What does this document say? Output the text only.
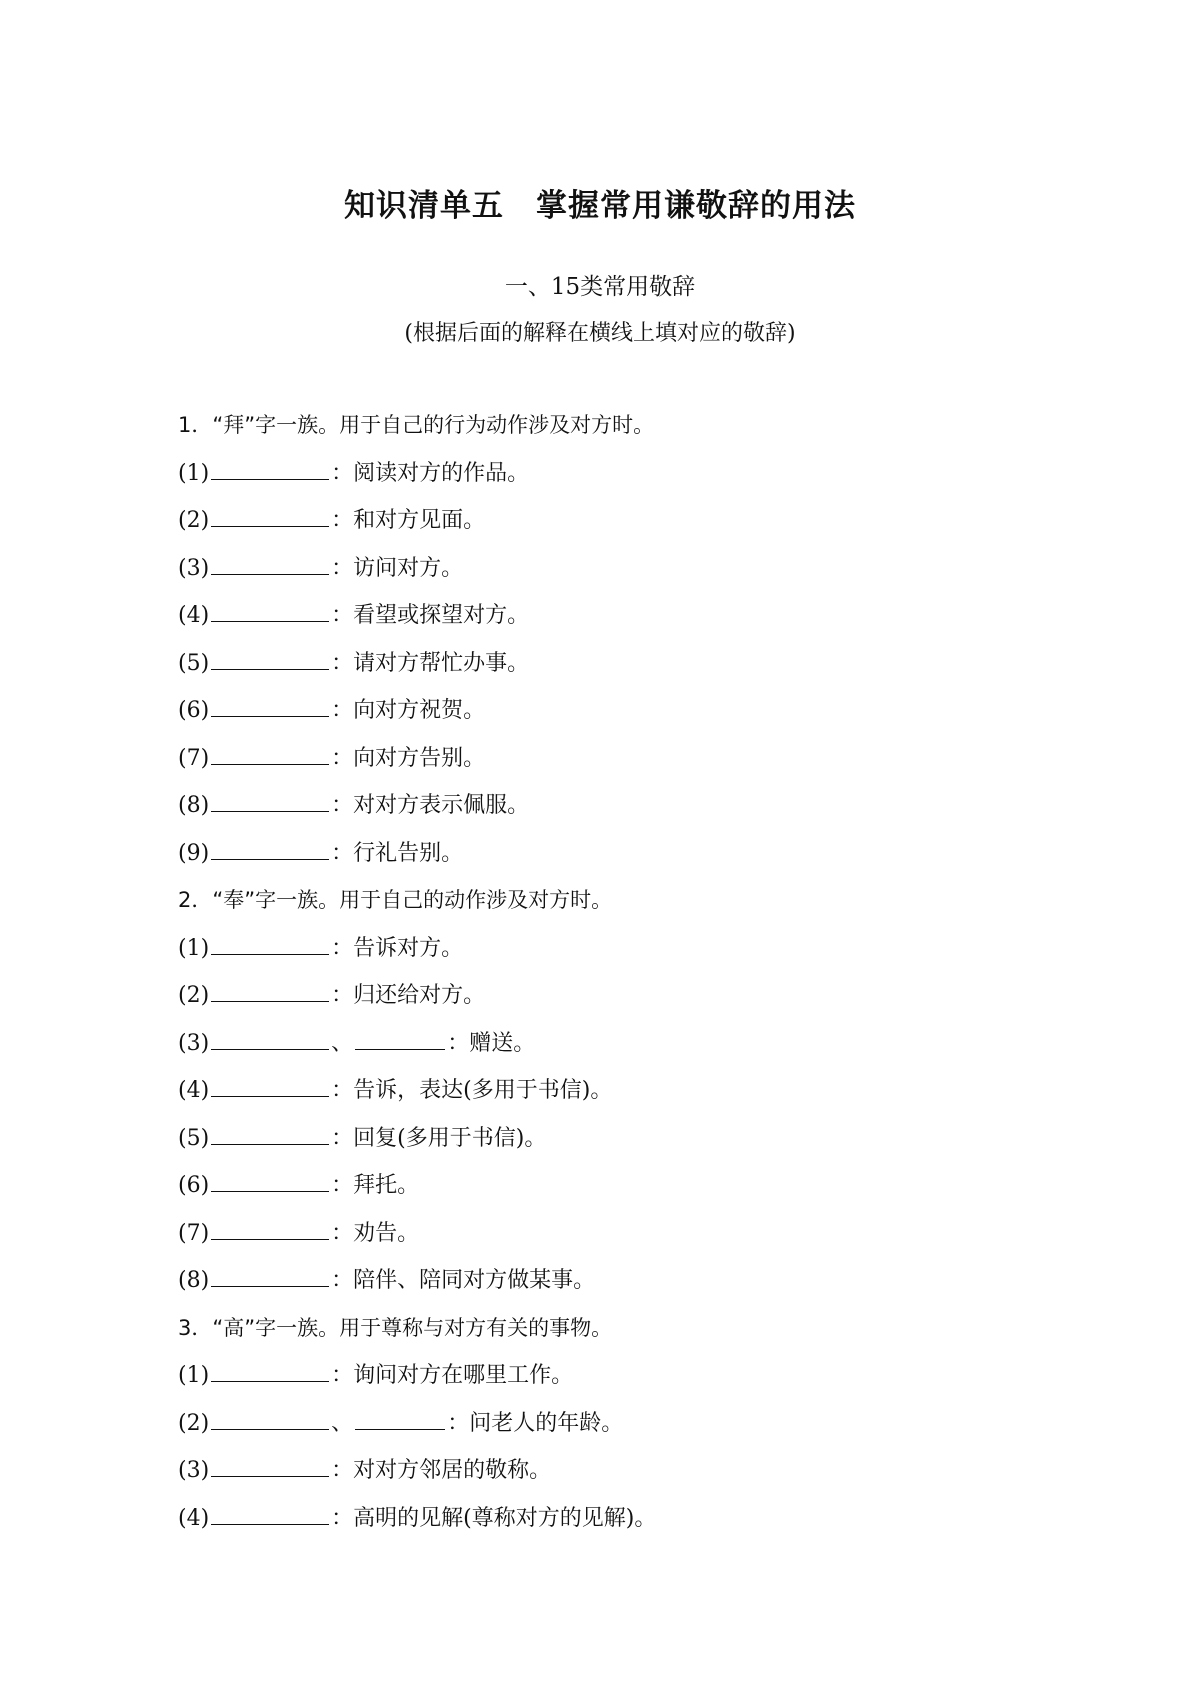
知识清单五　掌握常用谦敬辞的用法
一、15类常用敬辞
(根据后面的解释在横线上填对应的敬辞)
1．“拜”字一族。用于自己的行为动作涉及对方时。
(1)	：阅读对方的作品。
(2)	：和对方见面。
(3)	：访问对方。
(4)	：看望或探望对方。
(5)	：请对方帮忙办事。
(6)	：向对方祝贺。
(7)	：向对方告别。
(8)	：对对方表示佩服。
(9)	：行礼告别。
2．“奉”字一族。用于自己的动作涉及对方时。
(1)	：告诉对方。
(2)	：归还给对方。
(3)	、	：赠送。
(4)	：告诉，表达(多用于书信)。
(5)	：回复(多用于书信)。
(6)	：拜托。
(7)	：劝告。
(8)	：陪伴、陪同对方做某事。
3．“高”字一族。用于尊称与对方有关的事物。
(1)	：询问对方在哪里工作。
(2)	、	：问老人的年龄。
(3)	：对对方邻居的敬称。
(4)	：高明的见解(尊称对方的见解)。
